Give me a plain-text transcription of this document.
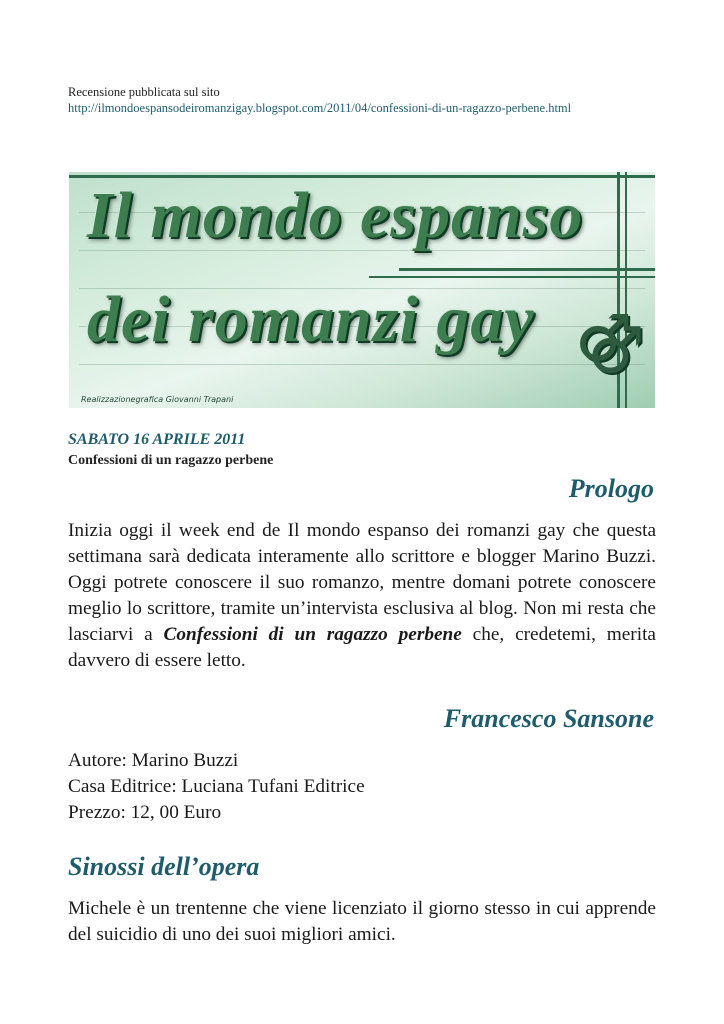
Recensione pubblicata sul sito
http://ilmondoespansodeiromanzigay.blogspot.com/2011/04/confessioni-di-un-ragazzo-perbene.html
Il mondo espanso
dei romanzi gay ⚣
Realizzazionegrafica Giovanni Trapani
SABATO 16 APRILE 2011
Confessioni di un ragazzo perbene
Prologo
Inizia oggi il week end de Il mondo espanso dei romanzi gay che questa settimana sarà dedicata interamente allo scrittore e blogger Marino Buzzi. Oggi potrete conoscere il suo romanzo, mentre domani potrete conoscere meglio lo scrittore, tramite un’intervista esclusiva al blog. Non mi resta che lasciarvi a Confessioni di un ragazzo perbene che, credetemi, merita davvero di essere letto.
Francesco Sansone
Autore: Marino Buzzi
Casa Editrice: Luciana Tufani Editrice
Prezzo: 12, 00 Euro
Sinossi dell’opera
Michele è un trentenne che viene licenziato il giorno stesso in cui apprende del suicidio di uno dei suoi migliori amici.
